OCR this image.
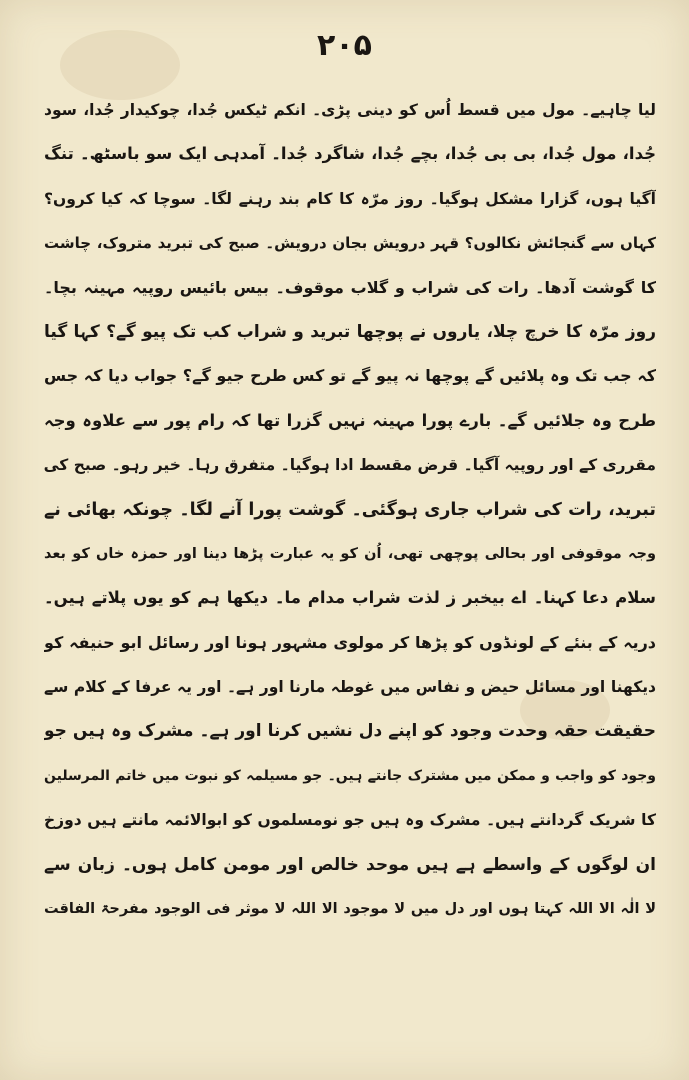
۲۰۵
لیا چاہیے۔ مول میں قسط اُس کو دینی پڑی۔ انکم ٹیکس جُدا، چوکیدار جُدا، سود
جُدا، مول جُدا، بی بی جُدا، بچے جُدا، شاگرد جُدا۔ آمدہی ایک سو باسٹھ۔ تنگ
آگیا ہوں، گزارا مشکل ہوگیا۔ روز مرّہ کا کام بند رہنے لگا۔ سوچا کہ کیا کروں؟
کہاں سے گنجائش نکالوں؟ قہر درویش بجان درویش۔ صبح کی تبرید متروک، چاشت
کا گوشت آدھا۔ رات کی شراب و گلاب موقوف۔ بیس بائیس روپیہ مہینہ بچا۔
روز مرّہ کا خرچ چلا، یاروں نے پوچھا تبرید و شراب کب تک پیو گے؟ کہا گیا
کہ جب تک وہ پلائیں گے پوچھا نہ پیو گے تو کس طرح جیو گے؟ جواب دیا کہ جس
طرح وہ جلائیں گے۔ بارے پورا مہینہ نہیں گزرا تھا کہ رام پور سے علاوہ وجہ
مقرری کے اور روپیہ آگیا۔ قرض مقسط ادا ہوگیا۔ متفرق رہا۔ خیر رہو۔ صبح کی
تبرید، رات کی شراب جاری ہوگئی۔ گوشت پورا آنے لگا۔ چونکہ بھائی نے
وجہ موقوفی اور بحالی پوچھی تھی، اُن کو یہ عبارت پڑھا دینا اور حمزہ خاں کو بعد
سلام دعا کہنا۔ اے بیخبر ز لذت شراب مدام ما۔ دیکھا ہم کو یوں پلاتے ہیں۔
دریہ کے بنئے کے لونڈوں کو پڑھا کر مولوی مشہور ہونا اور رسائل ابو حنیفہ کو
دیکھنا اور مسائل حیض و نفاس میں غوطہ مارنا اور ہے۔ اور یہ عرفا کے کلام سے
حقیقت حقہ وحدت وجود کو اپنے دل نشیں کرنا اور ہے۔ مشرک وہ ہیں جو
وجود کو واجب و ممکن میں مشترک جانتے ہیں۔ جو مسیلمہ کو نبوت میں خاتم المرسلین
کا شریک گردانتے ہیں۔ مشرک وہ ہیں جو نومسلموں کو ابوالائمہ مانتے ہیں دوزخ
ان لوگوں کے واسطے ہے ہیں موحد خالص اور مومن کامل ہوں۔ زبان سے
لا الٰہ الا اللہ کہتا ہوں اور دل میں لا موجود الا اللہ لا موثر فی الوجود مفرحۃ الفاقت
